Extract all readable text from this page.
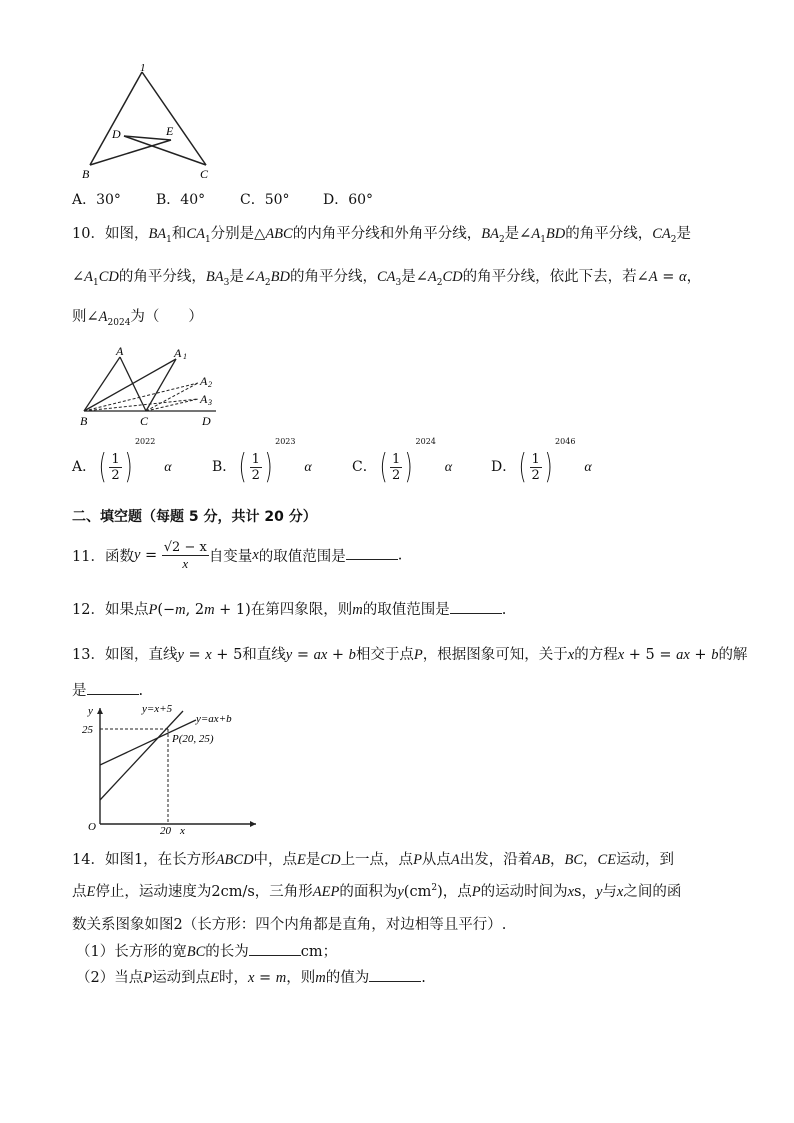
1
D	E
B	C
A．30°	B．40° C．50° D．60°
10．如图，$BA_1$和$CA_1$分别是△ABC的内角平分线和外角平分线，$BA_2$是$\angle A_1BD$的角平分线，$CA_2$是
$\angle A_1CD$的角平分线，$BA_3$是$\angle A_2BD$的角平分线，$CA_3$是$\angle A_2CD$的角平分线，依此下去，若∠A = α，
则$\angle A_{2024}$为（　　）
A	A 1
A 2
A 3
B	C	D
A．( $\frac{1}{2} )^{2022}$  α	B．( $\frac{1}{2} )^{2023}$  α	C．( $\frac{1}{2} )^{2024}$  α	D．( $\frac{1}{2} )^{2046}$  α
二、填空题（每题 5 分，共计 20 分）
11．函数$y = \frac{√2 - x}{x}$ 自变量x的取值范围是	.
12．如果点P(−m, 2m + 1)在第四象限，则m的取值范围是	.
13．如图，直线y = x + 5和直线y = ax + b相交于点P，根据图象可知，关于x的方程x + 5 = ax + b的解
是	.
y=x+5
y=ax+b
25
P(20, 25)
O	20 x
y
14．如图1，在长方形ABCD中，点E是CD上一点，点P从点A出发，沿着AB，BC，CE运动，到
点E停止，运动速度为2cm/s，三角形AEP的面积为$y(cm^2)$，点P的运动时间为xs，y与x之间的函
数关系图象如图2（长方形：四个内角都是直角，对边相等且平行）.
（1）长方形的宽BC的长为	cm；
（2）当点P运动到点E时，x = m，则m的值为	.
